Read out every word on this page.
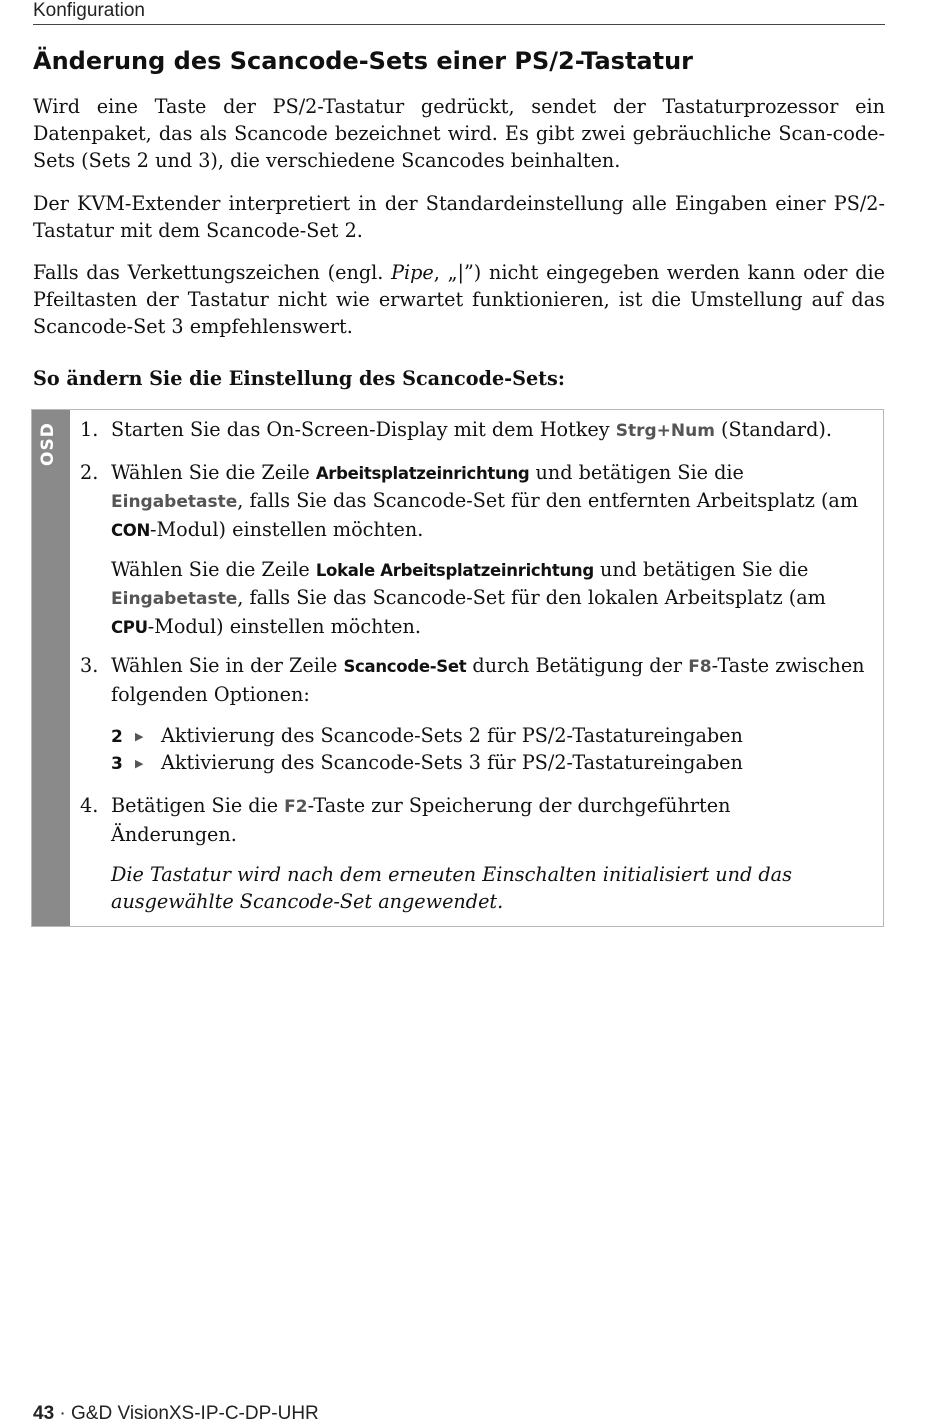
Konfiguration
Änderung des Scancode-Sets einer PS/2-Tastatur

Wird eine Taste der PS/2-Tastatur gedrückt, sendet der Tastaturprozessor ein Datenpaket, das als Scancode bezeichnet wird. Es gibt zwei gebräuchliche Scan-code-Sets (Sets 2 und 3), die verschiedene Scancodes beinhalten.

Der KVM-Extender interpretiert in der Standardeinstellung alle Eingaben einer PS/2-Tastatur mit dem Scancode-Set 2.

Falls das Verkettungszeichen (engl. Pipe, „|”) nicht eingegeben werden kann oder die Pfeiltasten der Tastatur nicht wie erwartet funktionieren, ist die Umstellung auf das Scancode-Set 3 empfehlenswert.

So ändern Sie die Einstellung des Scancode-Sets:

OSD 1. Starten Sie das On-Screen-Display mit dem Hotkey Strg+Num (Standard).
2. Wählen Sie die Zeile Arbeitsplatzeinrichtung und betätigen Sie die Eingabetaste, falls Sie das Scancode-Set für den entfernten Arbeitsplatz (am CON-Modul) einstellen möchten.
Wählen Sie die Zeile Lokale Arbeitsplatzeinrichtung und betätigen Sie die Eingabetaste, falls Sie das Scancode-Set für den lokalen Arbeitsplatz (am CPU-Modul) einstellen möchten.
3. Wählen Sie in der Zeile Scancode-Set durch Betätigung der F8-Taste zwischen folgenden Optionen:
2 ▶ Aktivierung des Scancode-Sets 2 für PS/2-Tastatureingaben
3 ▶ Aktivierung des Scancode-Sets 3 für PS/2-Tastatureingaben
4. Betätigen Sie die F2-Taste zur Speicherung der durchgeführten Änderungen.
Die Tastatur wird nach dem erneuten Einschalten initialisiert und das ausgewählte Scancode-Set angewendet.
43 · G&D VisionXS-IP-C-DP-UHR
